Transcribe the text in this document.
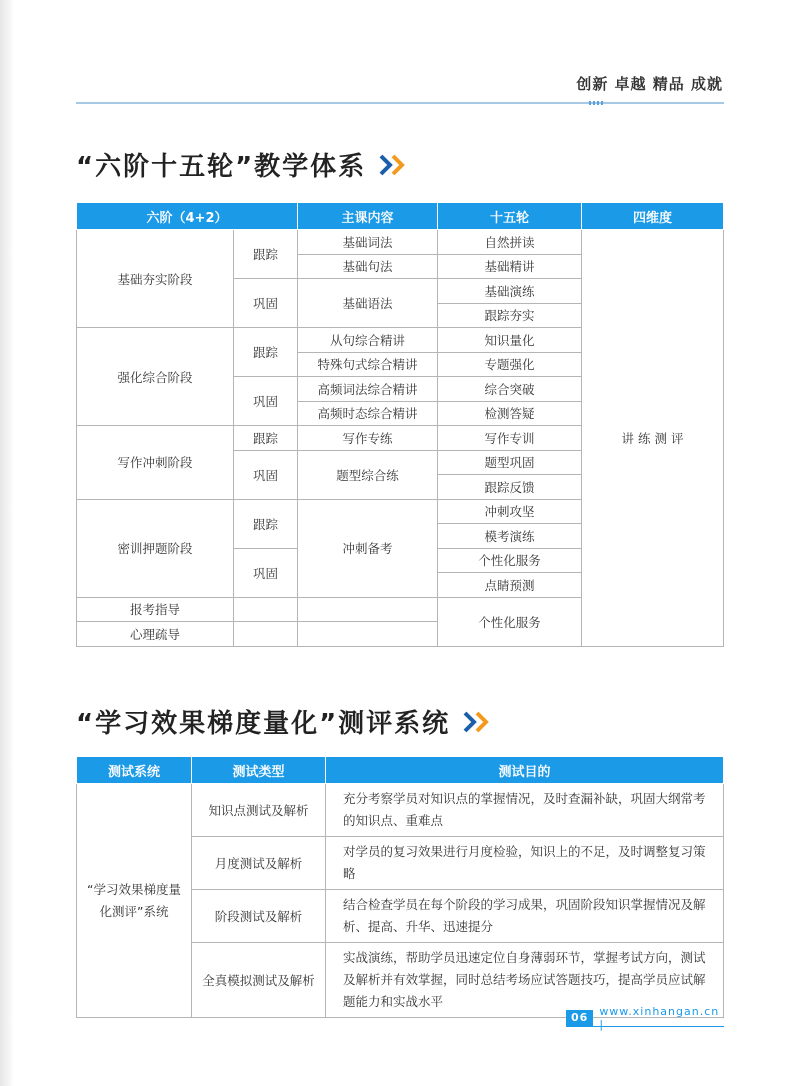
创新 卓越 精品 成就
“六阶十五轮”教学体系
六阶（4+2）		主课内容	十五轮	四维度
基础夯实阶段	跟踪	基础词法	自然拼读	讲 练 测 评
		基础句法	基础精讲	
	巩固	基础语法	基础演练	
			跟踪夯实	
强化综合阶段	跟踪	从句综合精讲	知识量化	
		特殊句式综合精讲	专题强化	
	巩固	高频词法综合精讲	综合突破	
		高频时态综合精讲	检测答疑	
写作冲刺阶段	跟踪	写作专练	写作专训	
	巩固	题型综合练	题型巩固	
			跟踪反馈	
密训押题阶段	跟踪	冲刺备考	冲刺攻坚	
			模考演练	
	巩固		个性化服务	
			点睛预测	
报考指导			个性化服务	
心理疏导				
“学习效果梯度量化”测评系统
测试系统	测试类型	测试目的
“学习效果梯度量化测评”系统	知识点测试及解析	充分考察学员对知识点的掌握情况，及时查漏补缺，巩固大纲常考的知识点、重难点
	月度测试及解析	对学员的复习效果进行月度检验，知识上的不足，及时调整复习策略
	阶段测试及解析	结合检查学员在每个阶段的学习成果，巩固阶段知识掌握情况及解析、提高、升华、迅速提分
	全真模拟测试及解析	实战演练，帮助学员迅速定位自身薄弱环节，掌握考试方向，测试及解析并有效掌握，同时总结考场应试答题技巧，提高学员应试解题能力和实战水平
06	www.xinhangan.cn |
